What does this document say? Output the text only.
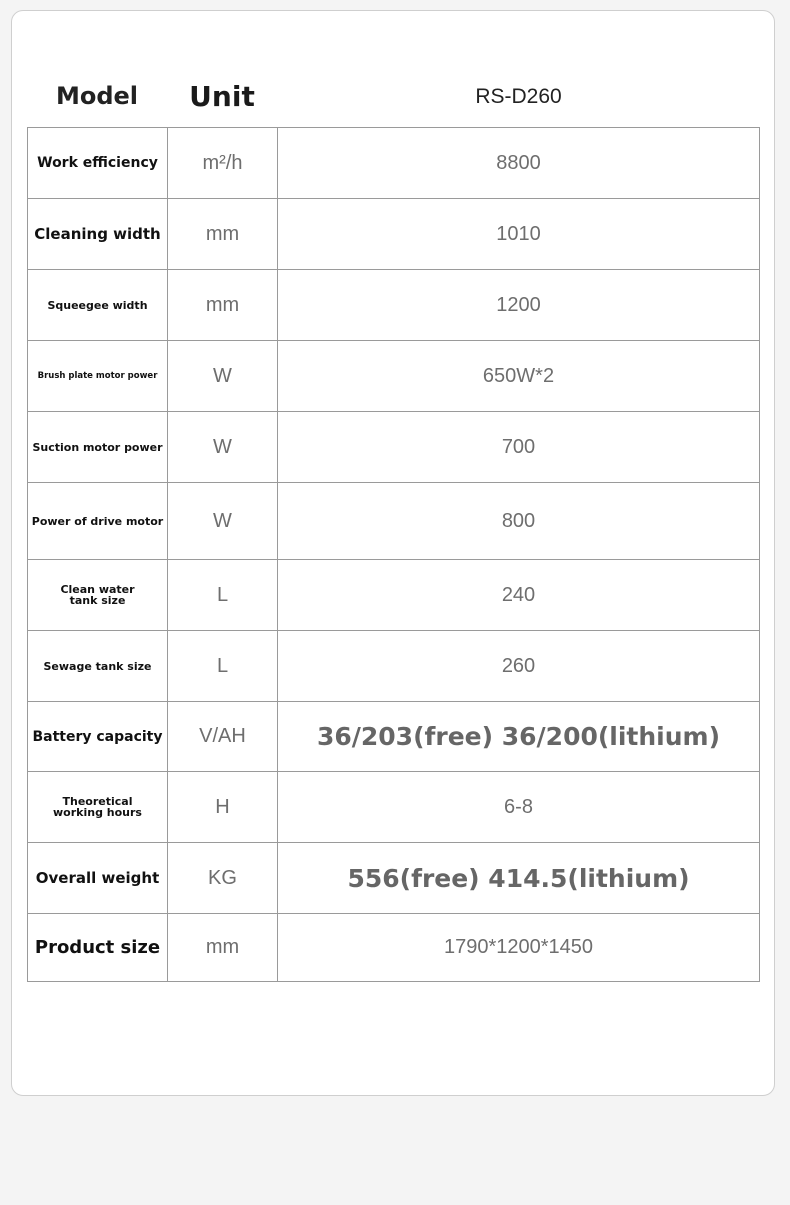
Model	Unit	RS-D260
Work efficiency	m²/h	8800
Cleaning width	mm	1010
Squeegee width	mm	1200
Brush plate motor power	W	650W*2
Suction motor power	W	700
Power of drive motor	W	800
Clean water tank size	L	240
Sewage tank size	L	260
Battery capacity	V/AH	36/203(free) 36/200(lithium)
Theoretical working hours	H	6-8
Overall weight	KG	556(free) 414.5(lithium)
Product size	mm	1790*1200*1450
